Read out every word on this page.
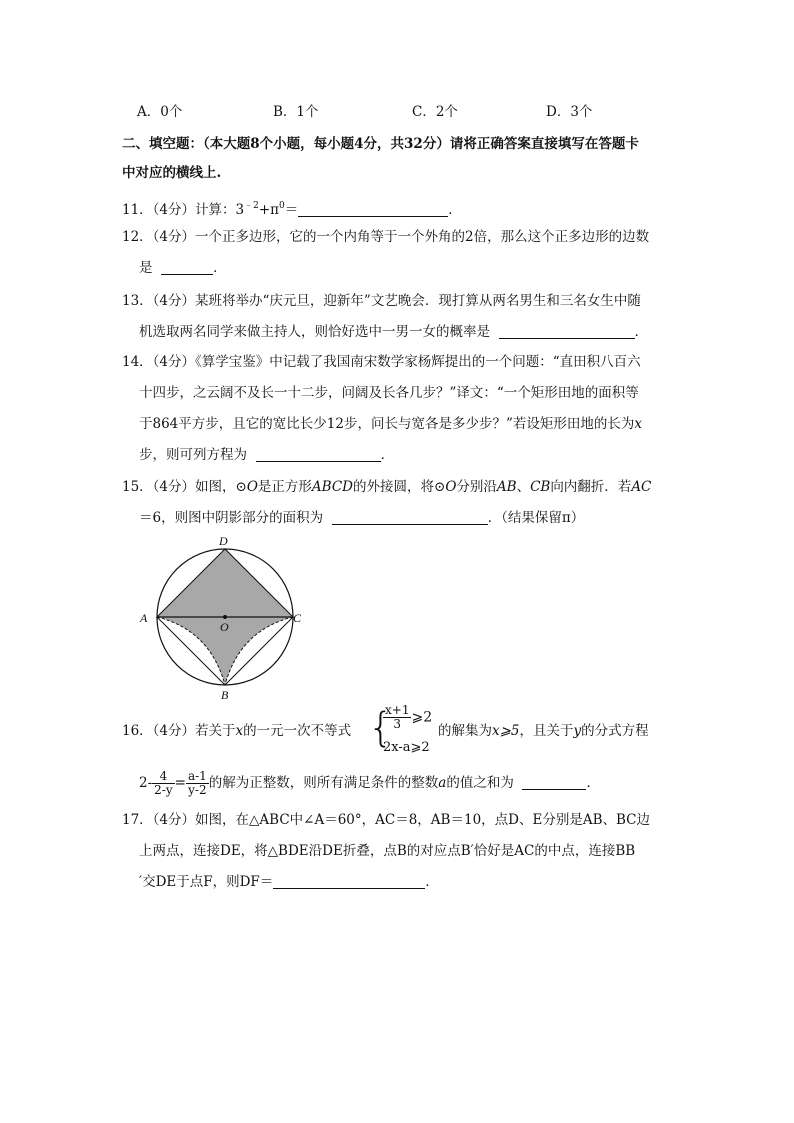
A．0个	B．1个	C．2个	D．3个
二、填空题：（本大题8个小题，每小题4分，共32分）请将正确答案直接填写在答题卡
中对应的横线上.
11．（4分）计算：$3^{﹣2}+\pi^0=$	．
12．（4分）一个正多边形，它的一个内角等于一个外角的2倍，那么这个正多边形的边数
是	．
13．（4分）某班将举办“庆元旦，迎新年”文艺晚会．现打算从两名男生和三名女生中随
机选取两名同学来做主持人，则恰好选中一男一女的概率是	．
14．（4分）《算学宝鉴》中记载了我国南宋数学家杨辉提出的一个问题：“直田积八百六
十四步，之云阔不及长一十二步，问阔及长各几步？”译文：“一个矩形田地的面积等
于864平方步，且它的宽比长少12步，问长与宽各是多少步？”若设矩形田地的长为x
步，则可列方程为	．
15．（4分）如图，⊙O是正方形ABCD的外接圆，将⊙O分别沿AB、CB向内翻折．若AC
＝6，则图中阴影部分的面积为	．（结果保留π）
D
A
O
C
B
16．（4分）若关于x的一元一次不等式 {
$\frac{x+1}{3}$ ⩾2
2x-a⩾2
的解集为x⩾5，且关于y的分式方程
$2- \frac{4}{2-y} = \frac{a-1}{y-2}$ 的解为正整数，则所有满足条件的整数a的值之和为	．
17．（4分）如图，在△ABC中∠A＝60°，AC＝8，AB＝10，点D、E分别是AB、BC边
上两点，连接DE，将△BDE沿DE折叠，点B的对应点B′恰好是AC的中点，连接BB
′交DE于点F，则DF＝	．
